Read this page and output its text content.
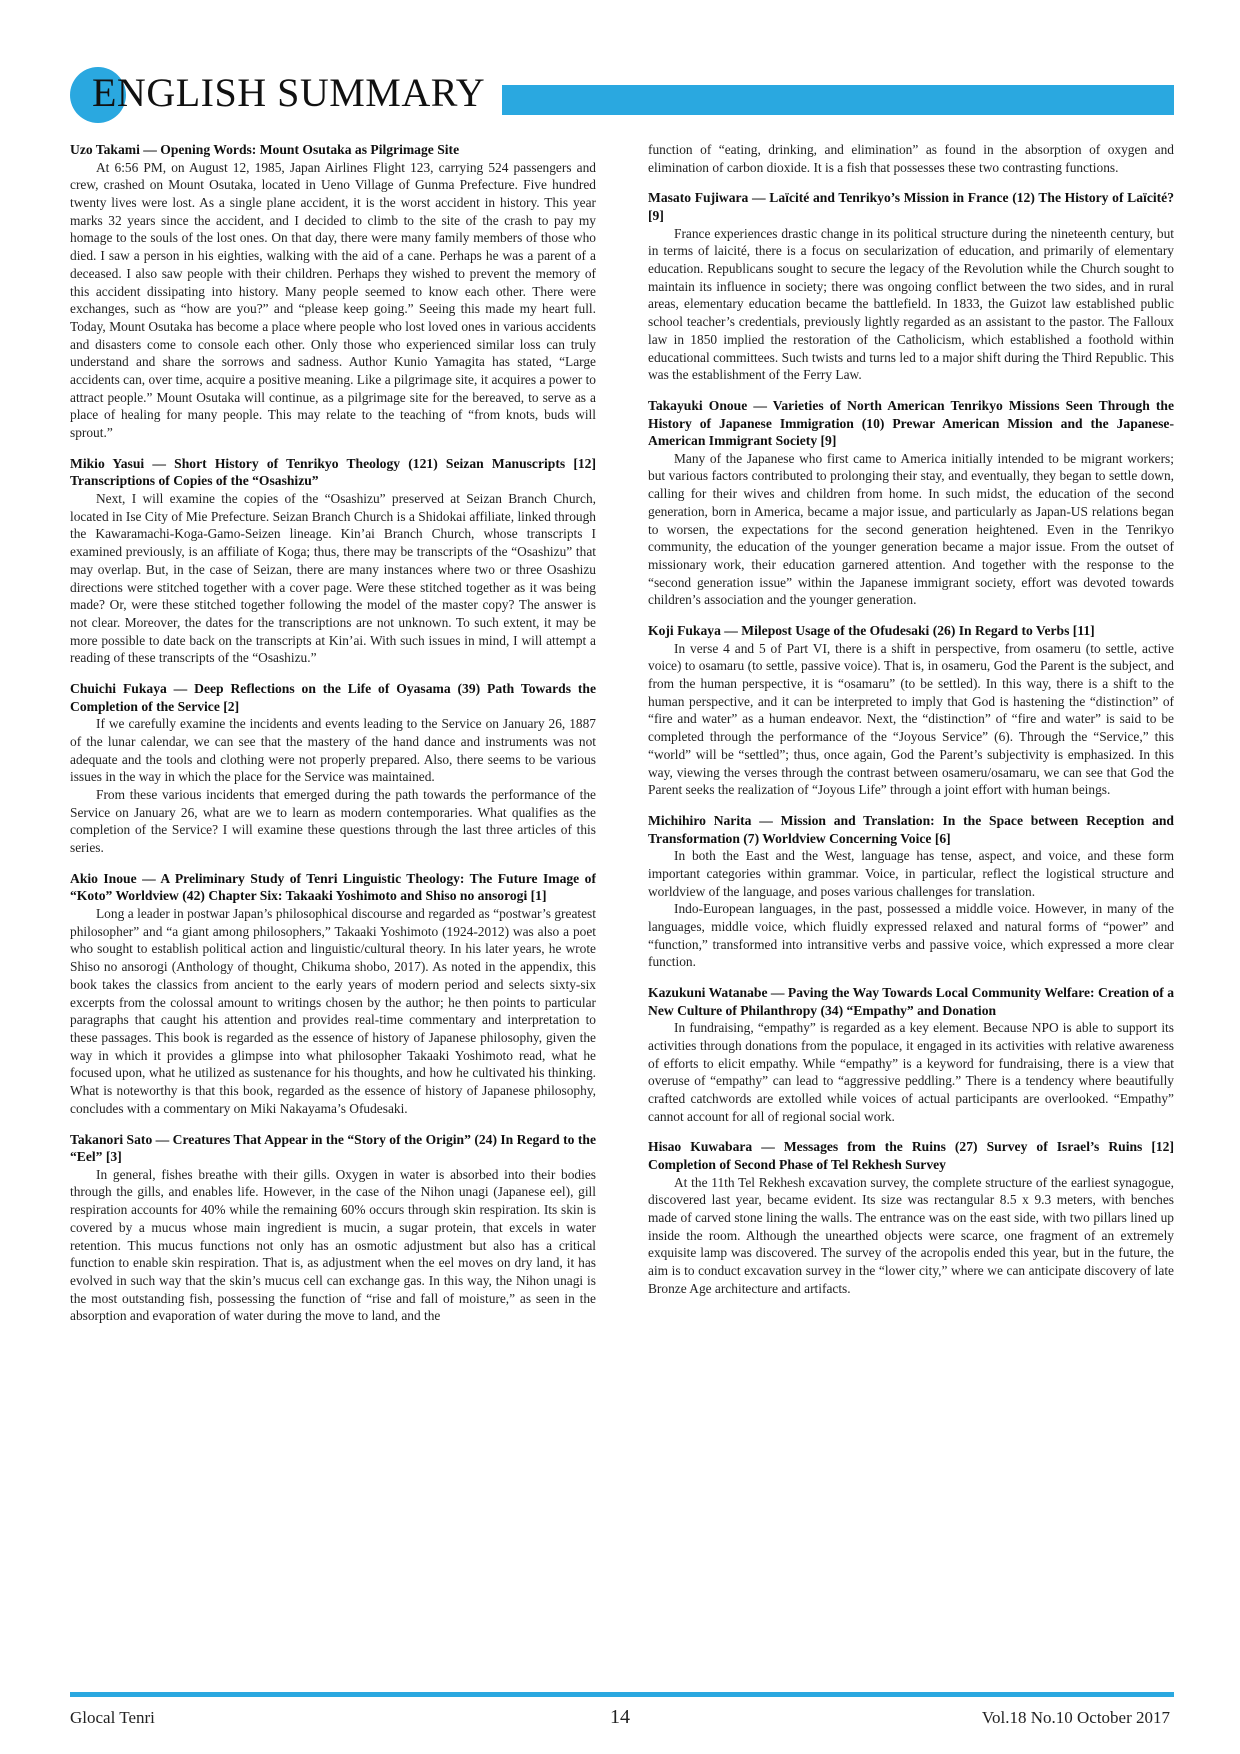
ENGLISH SUMMARY
Uzo Takami — Opening Words: Mount Osutaka as Pilgrimage Site

At 6:56 PM, on August 12, 1985, Japan Airlines Flight 123, carrying 524 passengers and crew, crashed on Mount Osutaka, located in Ueno Village of Gunma Prefecture. Five hundred twenty lives were lost. As a single plane accident, it is the worst accident in history. This year marks 32 years since the accident, and I decided to climb to the site of the crash to pay my homage to the souls of the lost ones. On that day, there were many family members of those who died. I saw a person in his eighties, walking with the aid of a cane. Perhaps he was a parent of a deceased. I also saw people with their children. Perhaps they wished to prevent the memory of this accident dissipating into history. Many people seemed to know each other. There were exchanges, such as “how are you?” and “please keep going.” Seeing this made my heart full. Today, Mount Osutaka has become a place where people who lost loved ones in various accidents and disasters come to console each other. Only those who experienced similar loss can truly understand and share the sorrows and sadness. Author Kunio Yamagita has stated, “Large accidents can, over time, acquire a positive meaning. Like a pilgrimage site, it acquires a power to attract people.” Mount Osutaka will continue, as a pilgrimage site for the bereaved, to serve as a place of healing for many people. This may relate to the teaching of “from knots, buds will sprout.”

Mikio Yasui — Short History of Tenrikyo Theology (121) Seizan Manuscripts [12] Transcriptions of Copies of the “Osashizu”

Next, I will examine the copies of the “Osashizu” preserved at Seizan Branch Church, located in Ise City of Mie Prefecture. Seizan Branch Church is a Shidokai affiliate, linked through the Kawaramachi-Koga-Gamo-Seizen lineage. Kin’ai Branch Church, whose transcripts I examined previously, is an affiliate of Koga; thus, there may be transcripts of the “Osashizu” that may overlap. But, in the case of Seizan, there are many instances where two or three Osashizu directions were stitched together with a cover page. Were these stitched together as it was being made? Or, were these stitched together following the model of the master copy? The answer is not clear. Moreover, the dates for the transcriptions are not unknown. To such extent, it may be more possible to date back on the transcripts at Kin’ai. With such issues in mind, I will attempt a reading of these transcripts of the “Osashizu.”

Chuichi Fukaya — Deep Reflections on the Life of Oyasama (39) Path Towards the Completion of the Service [2]

If we carefully examine the incidents and events leading to the Service on January 26, 1887 of the lunar calendar, we can see that the mastery of the hand dance and instruments was not adequate and the tools and clothing were not properly prepared. Also, there seems to be various issues in the way in which the place for the Service was maintained.

From these various incidents that emerged during the path towards the performance of the Service on January 26, what are we to learn as modern contemporaries. What qualifies as the completion of the Service? I will examine these questions through the last three articles of this series.

Akio Inoue — A Preliminary Study of Tenri Linguistic Theology: The Future Image of “Koto” Worldview (42) Chapter Six: Takaaki Yoshimoto and Shiso no ansorogi [1]

Long a leader in postwar Japan’s philosophical discourse and regarded as “postwar’s greatest philosopher” and “a giant among philosophers,” Takaaki Yoshimoto (1924-2012) was also a poet who sought to establish political action and linguistic/cultural theory. In his later years, he wrote Shiso no ansorogi (Anthology of thought, Chikuma shobo, 2017). As noted in the appendix, this book takes the classics from ancient to the early years of modern period and selects sixty-six excerpts from the colossal amount to writings chosen by the author; he then points to particular paragraphs that caught his attention and provides real-time commentary and interpretation to these passages. This book is regarded as the essence of history of Japanese philosophy, given the way in which it provides a glimpse into what philosopher Takaaki Yoshimoto read, what he focused upon, what he utilized as sustenance for his thoughts, and how he cultivated his thinking. What is noteworthy is that this book, regarded as the essence of history of Japanese philosophy, concludes with a commentary on Miki Nakayama’s Ofudesaki.

Takanori Sato — Creatures That Appear in the “Story of the Origin” (24) In Regard to the “Eel” [3]

In general, fishes breathe with their gills. Oxygen in water is absorbed into their bodies through the gills, and enables life. However, in the case of the Nihon unagi (Japanese eel), gill respiration accounts for 40% while the remaining 60% occurs through skin respiration. Its skin is covered by a mucus whose main ingredient is mucin, a sugar protein, that excels in water retention. This mucus functions not only has an osmotic adjustment but also has a critical function to enable skin respiration. That is, as adjustment when the eel moves on dry land, it has evolved in such way that the skin’s mucus cell can exchange gas. In this way, the Nihon unagi is the most outstanding fish, possessing the function of “rise and fall of moisture,” as seen in the absorption and evaporation of water during the move to land, and the

function of “eating, drinking, and elimination” as found in the absorption of oxygen and elimination of carbon dioxide. It is a fish that possesses these two contrasting functions.

Masato Fujiwara — Laïcité and Tenrikyo’s Mission in France (12) The History of Laïcité? [9]

France experiences drastic change in its political structure during the nineteenth century, but in terms of laicité, there is a focus on secularization of education, and primarily of elementary education. Republicans sought to secure the legacy of the Revolution while the Church sought to maintain its influence in society; there was ongoing conflict between the two sides, and in rural areas, elementary education became the battlefield. In 1833, the Guizot law established public school teacher’s credentials, previously lightly regarded as an assistant to the pastor. The Falloux law in 1850 implied the restoration of the Catholicism, which established a foothold within educational committees. Such twists and turns led to a major shift during the Third Republic. This was the establishment of the Ferry Law.

Takayuki Onoue — Varieties of North American Tenrikyo Missions Seen Through the History of Japanese Immigration (10) Prewar American Mission and the Japanese-American Immigrant Society [9]

Many of the Japanese who first came to America initially intended to be migrant workers; but various factors contributed to prolonging their stay, and eventually, they began to settle down, calling for their wives and children from home. In such midst, the education of the second generation, born in America, became a major issue, and particularly as Japan-US relations began to worsen, the expectations for the second generation heightened. Even in the Tenrikyo community, the education of the younger generation became a major issue. From the outset of missionary work, their education garnered attention. And together with the response to the “second generation issue” within the Japanese immigrant society, effort was devoted towards children’s association and the younger generation.

Koji Fukaya — Milepost Usage of the Ofudesaki (26) In Regard to Verbs [11]

In verse 4 and 5 of Part VI, there is a shift in perspective, from osameru (to settle, active voice) to osamaru (to settle, passive voice). That is, in osameru, God the Parent is the subject, and from the human perspective, it is “osamaru” (to be settled). In this way, there is a shift to the human perspective, and it can be interpreted to imply that God is hastening the “distinction” of “fire and water” as a human endeavor. Next, the “distinction” of “fire and water” is said to be completed through the performance of the “Joyous Service” (6). Through the “Service,” this “world” will be “settled”; thus, once again, God the Parent’s subjectivity is emphasized. In this way, viewing the verses through the contrast between osameru/osamaru, we can see that God the Parent seeks the realization of “Joyous Life” through a joint effort with human beings.

Michihiro Narita — Mission and Translation: In the Space between Reception and Transformation (7) Worldview Concerning Voice [6]

In both the East and the West, language has tense, aspect, and voice, and these form important categories within grammar. Voice, in particular, reflect the logistical structure and worldview of the language, and poses various challenges for translation.

Indo-European languages, in the past, possessed a middle voice. However, in many of the languages, middle voice, which fluidly expressed relaxed and natural forms of “power” and “function,” transformed into intransitive verbs and passive voice, which expressed a more clear function.

Kazukuni Watanabe — Paving the Way Towards Local Community Welfare: Creation of a New Culture of Philanthropy (34) “Empathy” and Donation

In fundraising, “empathy” is regarded as a key element. Because NPO is able to support its activities through donations from the populace, it engaged in its activities with relative awareness of efforts to elicit empathy. While “empathy” is a keyword for fundraising, there is a view that overuse of “empathy” can lead to “aggressive peddling.” There is a tendency where beautifully crafted catchwords are extolled while voices of actual participants are overlooked. “Empathy” cannot account for all of regional social work.

Hisao Kuwabara — Messages from the Ruins (27) Survey of Israel’s Ruins [12] Completion of Second Phase of Tel Rekhesh Survey

At the 11th Tel Rekhesh excavation survey, the complete structure of the earliest synagogue, discovered last year, became evident. Its size was rectangular 8.5 x 9.3 meters, with benches made of carved stone lining the walls. The entrance was on the east side, with two pillars lined up inside the room. Although the unearthed objects were scarce, one fragment of an extremely exquisite lamp was discovered. The survey of the acropolis ended this year, but in the future, the aim is to conduct excavation survey in the “lower city,” where we can anticipate discovery of late Bronze Age architecture and artifacts.

Glocal Tenri	14	Vol.18 No.10 October 2017
